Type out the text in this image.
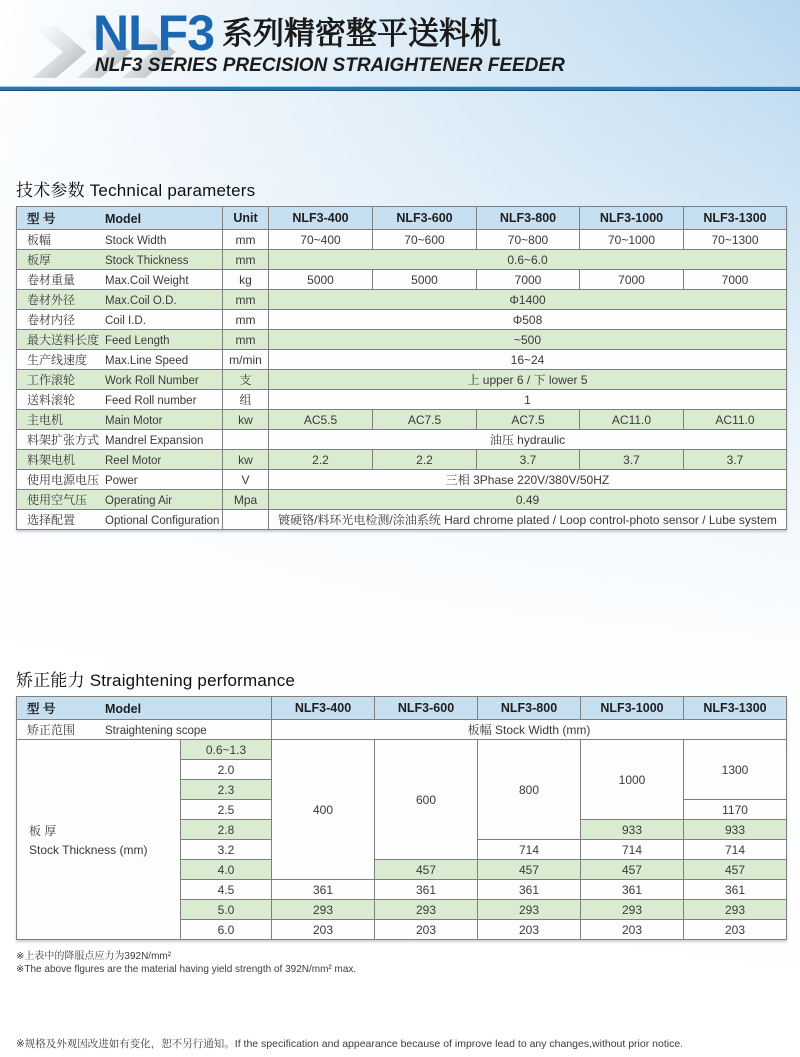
NLF3 系列精密整平送料机
NLF3 SERIES PRECISION STRAIGHTENER FEEDER
技术参数 Technical parameters
型 号 Model	Unit	NLF3-400	NLF3-600	NLF3-800	NLF3-1000	NLF3-1300
板幅 Stock Width	mm	70~400	70~600	70~800	70~1000	70~1300
板厚 Stock Thickness	mm	0.6~6.0				
卷材重量 Max.Coil Weight	kg	5000	5000	7000	7000	7000
卷材外径 Max.Coil O.D.	mm	Φ1400				
卷材内径 Coil I.D.	mm	Φ508				
最大送料长度 Feed Length	mm	~500				
生产线速度 Max.Line Speed	m/min	16~24				
工作滚轮 Work Roll Number	支	上 upper 6 / 下 lower 5				
送料滚轮 Feed Roll number	组	1				
主电机 Main Motor	kw	AC5.5	AC7.5	AC7.5	AC11.0	AC11.0
料架扩张方式 Mandrel Expansion		油压 hydraulic				
料架电机 Reel Motor	kw	2.2	2.2	3.7	3.7	3.7
使用电源电压 Power	V	三相 3Phase 220V/380V/50HZ				
使用空气压 Operating Air	Mpa	0.49				
选择配置 Optional Configuration		镀硬铬/料环光电检测/涂油系统 Hard chrome plated / Loop control-photo sensor / Lube system				
矫正能力 Straightening performance
型 号 Model		NLF3-400	NLF3-600	NLF3-800	NLF3-1000	NLF3-1300
矫正范围 Straightening scope		板幅 Stock Width (mm)				

板 厚
Stock Thickness (mm)	0.6~1.3	400	600	800	1000	1300
	2.0					
	2.3					
	2.5					1170
	2.8				933	933
	3.2			714	714	714
	4.0		457	457	457	457
	4.5	361	361	361	361	361
	5.0	293	293	293	293	293
	6.0	203	203	203	203	203

※上表中的降服点应力为392N/mm²

※The above flgures are the material having yield strength of 392N/mm² max.

※规格及外观因改进如有变化，恕不另行通知。If the specification and appearance because of improve lead to any changes,without prior notice.
